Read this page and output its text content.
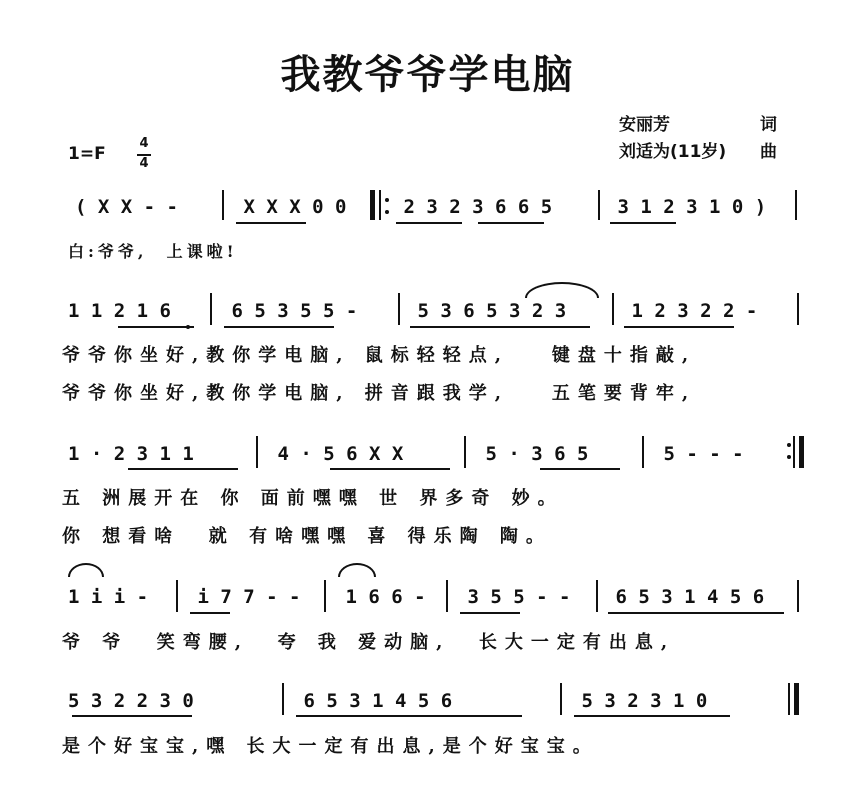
我教爷爷学电脑
安丽芳	词
刘适为(11岁) 曲
1=F
4
4
( X X - - X X X 0 0 2 3 2 3 6 6 5 3 1 2 3 1 0 )
白:爷爷,  上课啦!
1 1 2 1 6 6 5 3 5 5 - 5 3 6 5 3 2 3 1 2 3 2 2 -
爷爷你坐好,教你学电脑, 鼠标轻轻点,   键盘十指敲,
爷爷你坐好,教你学电脑, 拼音跟我学,   五笔要背牢,
1 · 2 3 1 1	4 · 5 6 X X	5 · 3 6 5	5 - - -
五 洲展开在 你 面前嘿嘿 世 界多奇 妙。
你 想看啥  就 有啥嘿嘿 喜 得乐陶 陶。
1 i i - i 7 7 - - 1 6 6 - 3 5 5 - - 6 5 3 1 4 5 6
爷 爷  笑弯腰,  夸 我 爱动脑,  长大一定有出息,
5 3 2 2 3 0	6 5 3 1 4 5 6	5 3 2 3 1 0
是个好宝宝,嘿 长大一定有出息,是个好宝宝。
